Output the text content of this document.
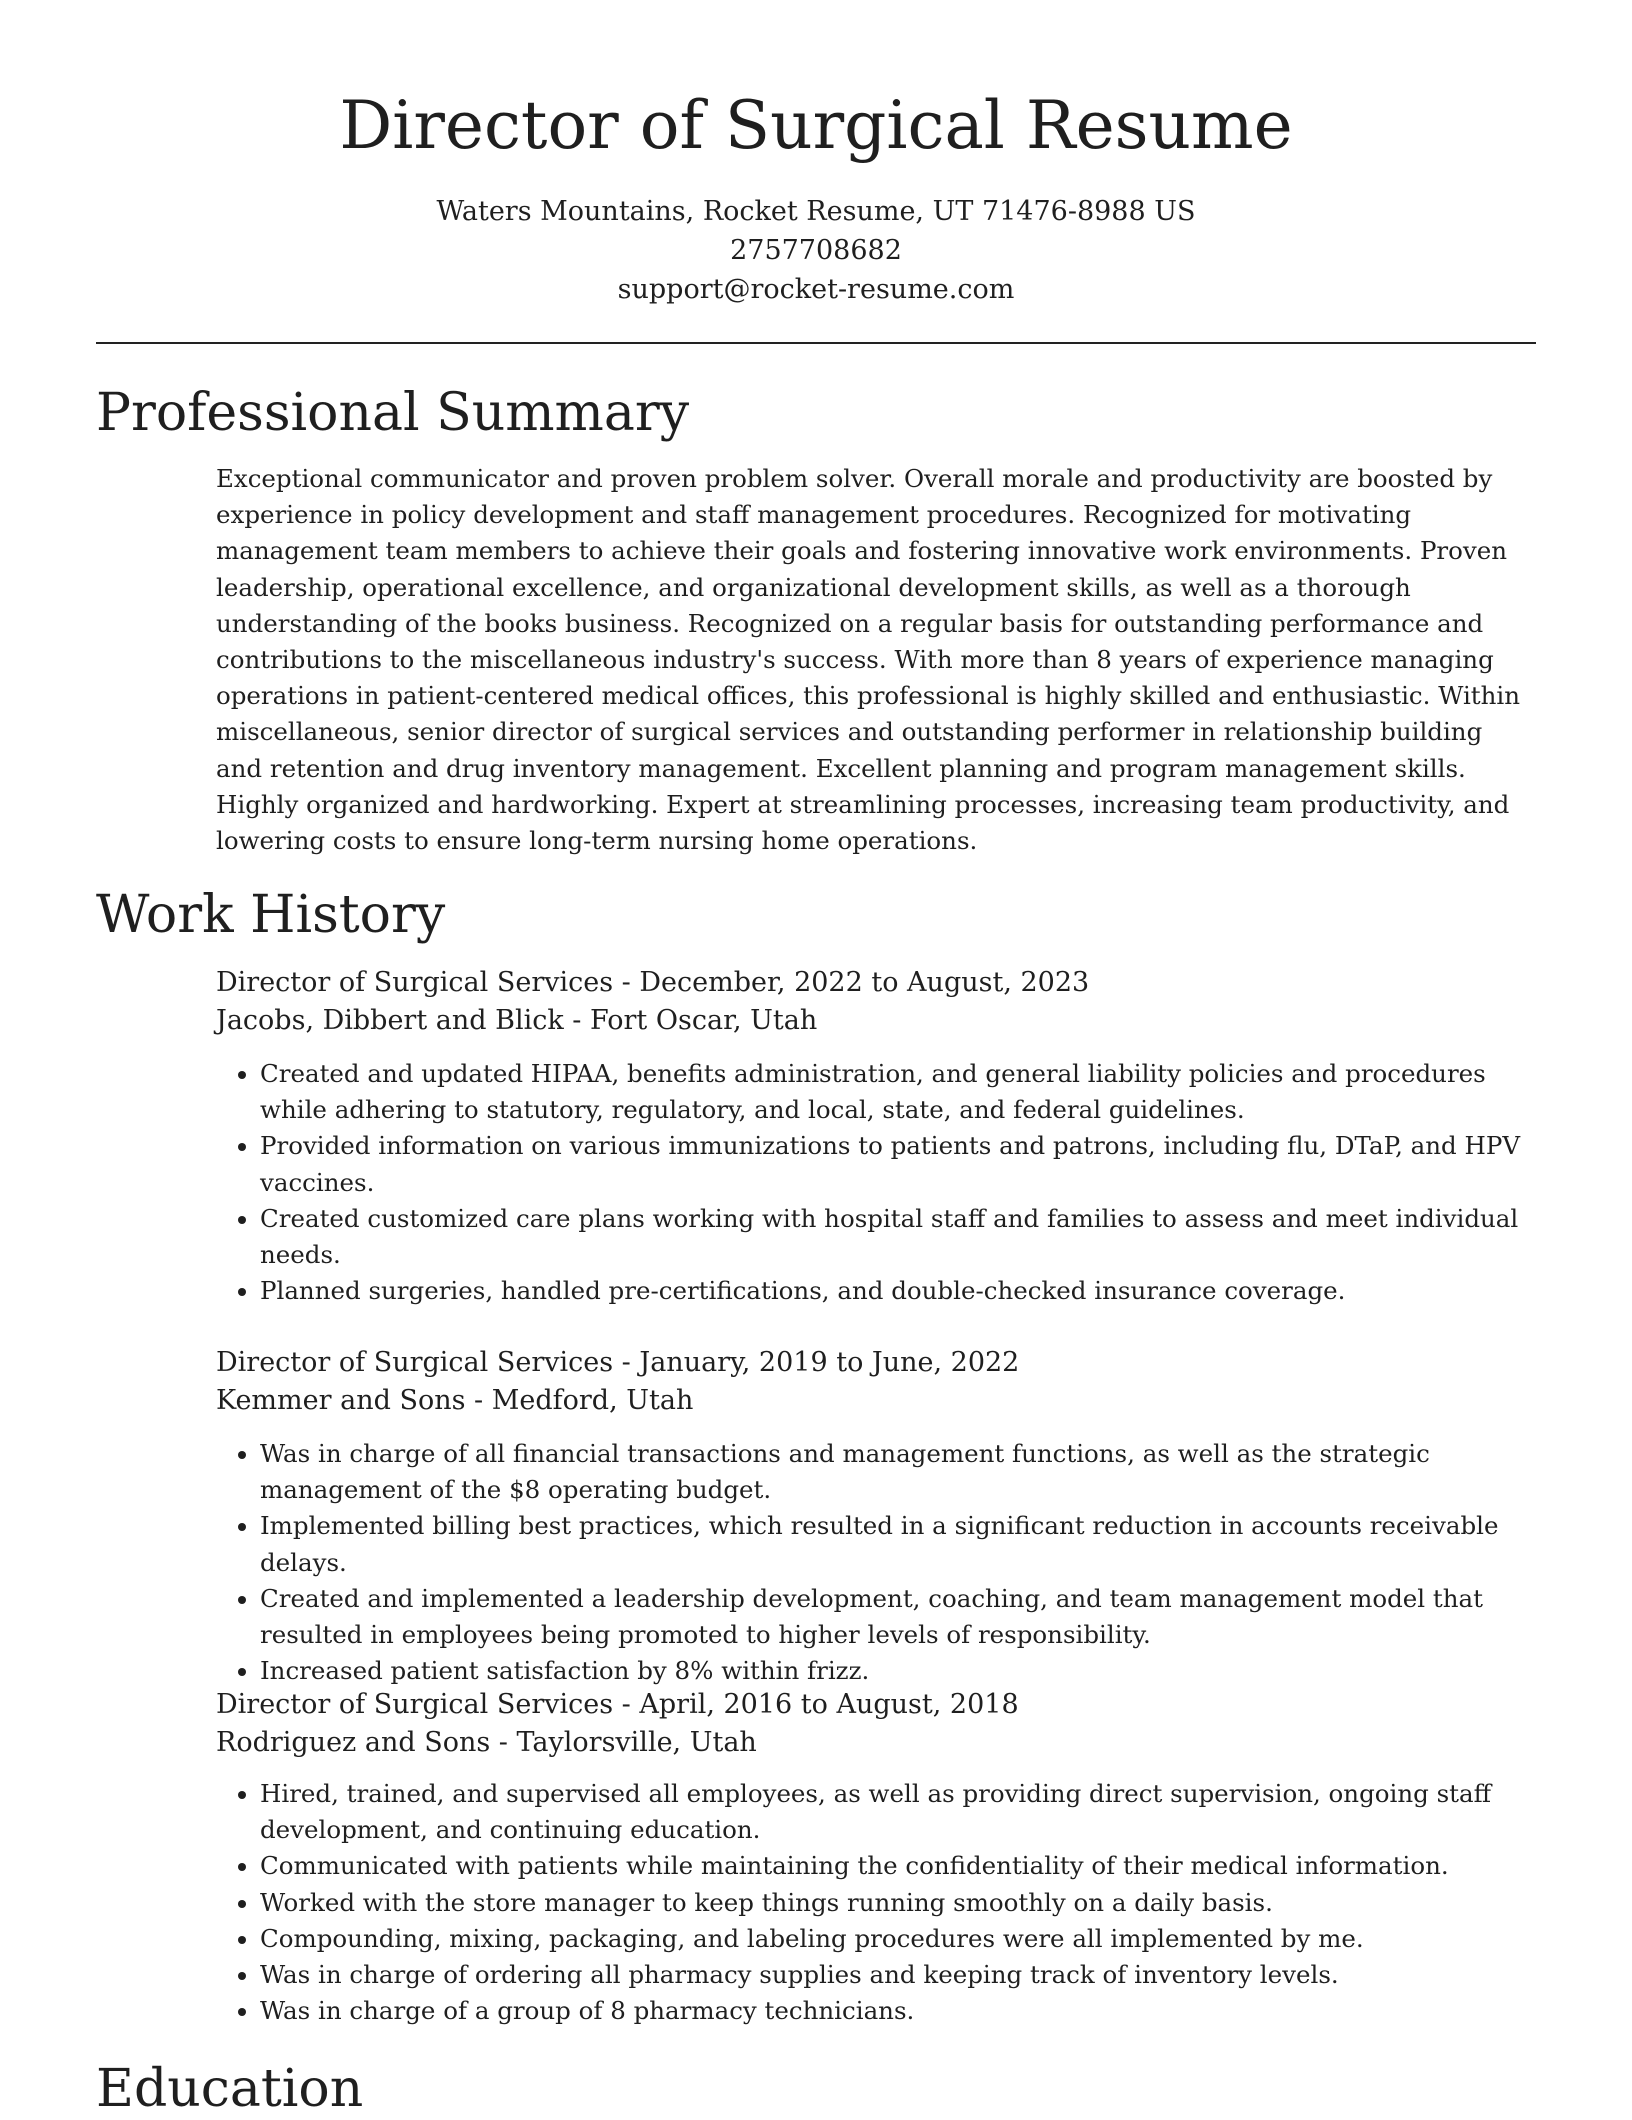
Director of Surgical Resume
Waters Mountains, Rocket Resume, UT 71476-8988 US
2757708682
support@rocket-resume.com
Professional Summary

Exceptional communicator and proven problem solver. Overall morale and productivity are boosted by experience in policy development and staff management procedures. Recognized for motivating management team members to achieve their goals and fostering innovative work environments. Proven leadership, operational excellence, and organizational development skills, as well as a thorough understanding of the books business. Recognized on a regular basis for outstanding performance and contributions to the miscellaneous industry's success. With more than 8 years of experience managing operations in patient-centered medical offices, this professional is highly skilled and enthusiastic. Within miscellaneous, senior director of surgical services and outstanding performer in relationship building and retention and drug inventory management. Excellent planning and program management skills. Highly organized and hardworking. Expert at streamlining processes, increasing team productivity, and lowering costs to ensure long-term nursing home operations.

Work History
Director of Surgical Services - December, 2022 to August, 2023
Jacobs, Dibbert and Blick - Fort Oscar, Utah
• Created and updated HIPAA, benefits administration, and general liability policies and procedures while adhering to statutory, regulatory, and local, state, and federal guidelines.
• Provided information on various immunizations to patients and patrons, including flu, DTaP, and HPV vaccines.
• Created customized care plans working with hospital staff and families to assess and meet individual needs.
• Planned surgeries, handled pre-certifications, and double-checked insurance coverage.
Director of Surgical Services - January, 2019 to June, 2022
Kemmer and Sons - Medford, Utah
• Was in charge of all financial transactions and management functions, as well as the strategic management of the $8 operating budget.
• Implemented billing best practices, which resulted in a significant reduction in accounts receivable delays.
• Created and implemented a leadership development, coaching, and team management model that resulted in employees being promoted to higher levels of responsibility.
• Increased patient satisfaction by 8% within frizz.
Director of Surgical Services - April, 2016 to August, 2018
Rodriguez and Sons - Taylorsville, Utah
• Hired, trained, and supervised all employees, as well as providing direct supervision, ongoing staff development, and continuing education.
• Communicated with patients while maintaining the confidentiality of their medical information.
• Worked with the store manager to keep things running smoothly on a daily basis.
• Compounding, mixing, packaging, and labeling procedures were all implemented by me.
• Was in charge of ordering all pharmacy supplies and keeping track of inventory levels.
• Was in charge of a group of 8 pharmacy technicians.
Education
